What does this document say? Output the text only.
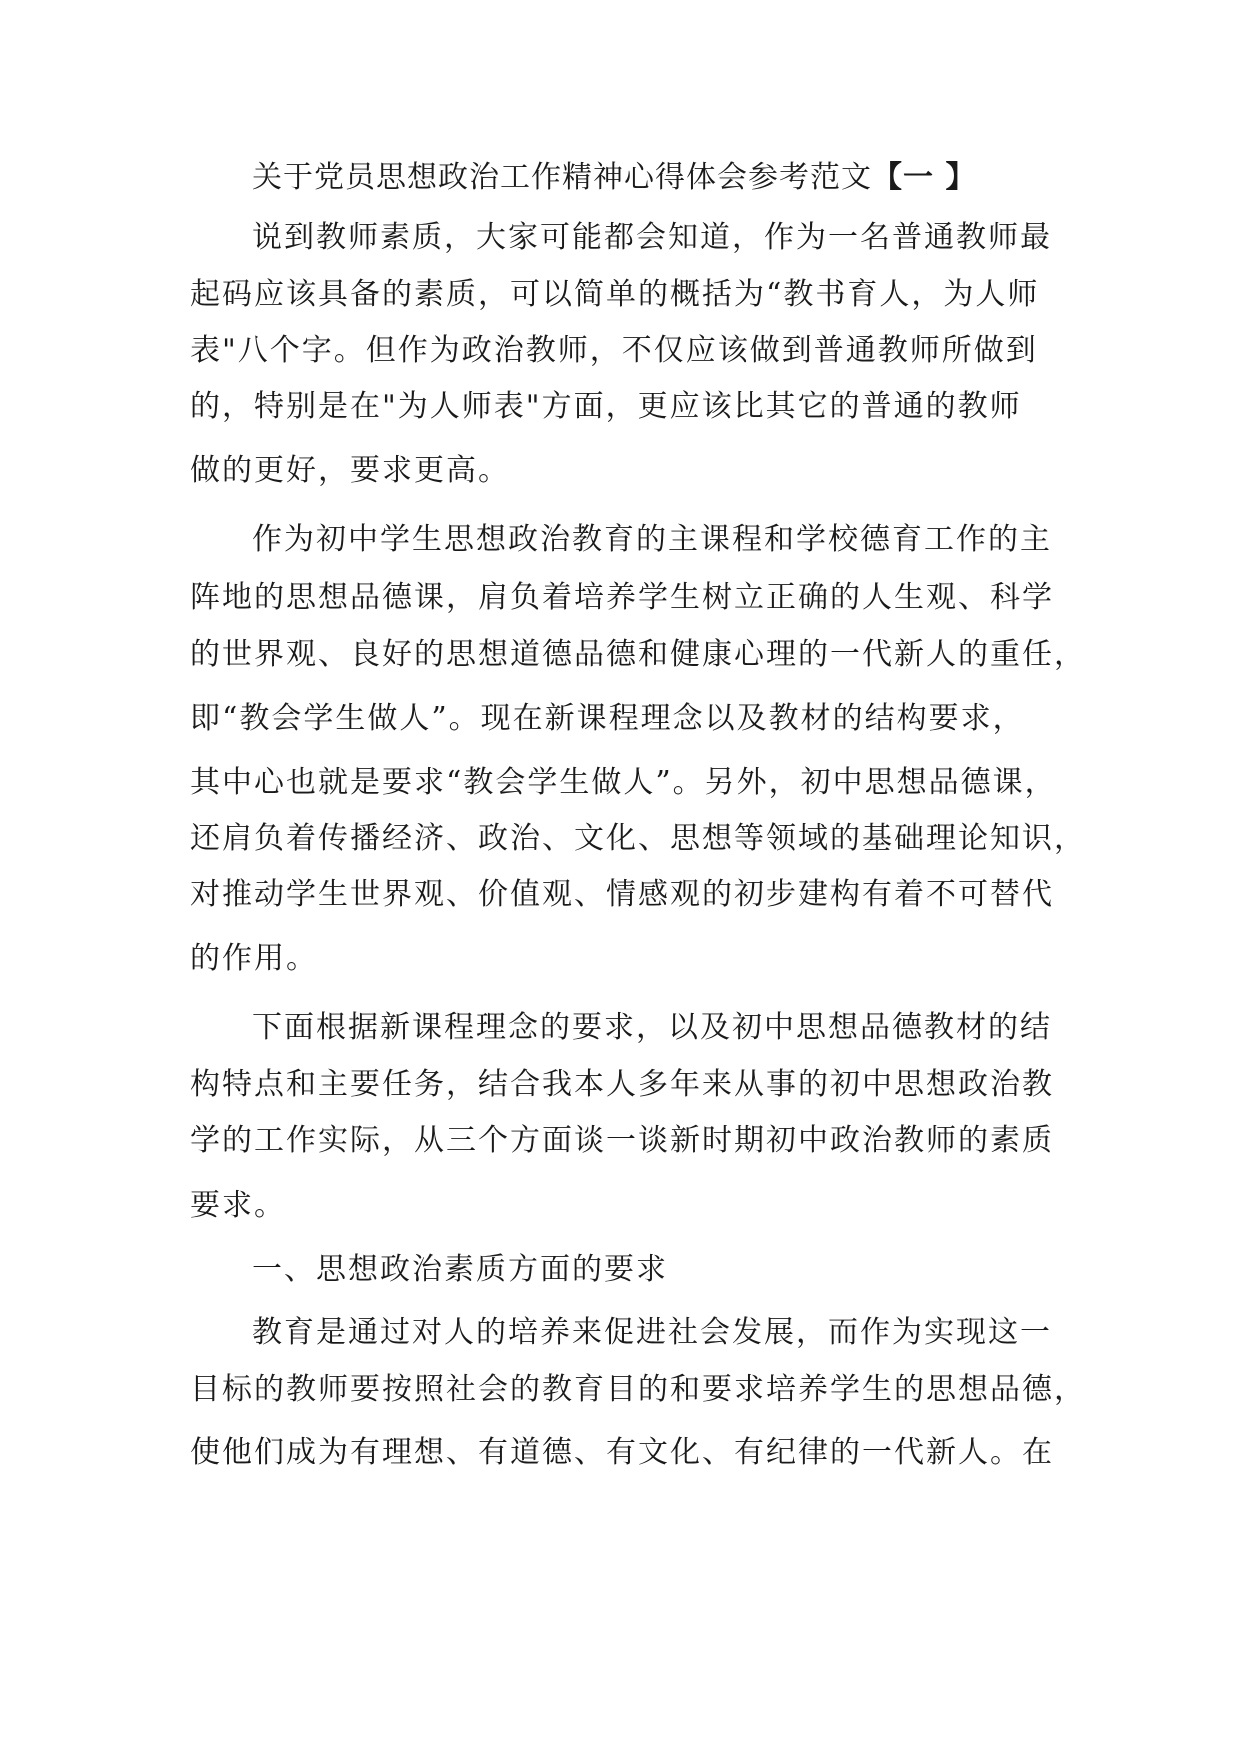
关于党员思想政治工作精神心得体会参考范文【一 】
说到教师素质，大家可能都会知道，作为一名普通教师最
起码应该具备的素质，可以简单的概括为“教书育人，为人师
表"八个字。但作为政治教师，不仅应该做到普通教师所做到
的，特别是在"为人师表"方面，更应该比其它的普通的教师
做的更好，要求更高。
作为初中学生思想政治教育的主课程和学校德育工作的主
阵地的思想品德课，肩负着培养学生树立正确的人生观、科学
的世界观、良好的思想道德品德和健康心理的一代新人的重任，
即“教会学生做人”。现在新课程理念以及教材的结构要求，
其中心也就是要求“教会学生做人”。另外，初中思想品德课，
还肩负着传播经济、政治、文化、思想等领域的基础理论知识，
对推动学生世界观、价值观、情感观的初步建构有着不可替代
的作用。
下面根据新课程理念的要求，以及初中思想品德教材的结
构特点和主要任务，结合我本人多年来从事的初中思想政治教
学的工作实际，从三个方面谈一谈新时期初中政治教师的素质
要求。
一、思想政治素质方面的要求
教育是通过对人的培养来促进社会发展，而作为实现这一
目标的教师要按照社会的教育目的和要求培养学生的思想品德，
使他们成为有理想、有道德、有文化、有纪律的一代新人。在
